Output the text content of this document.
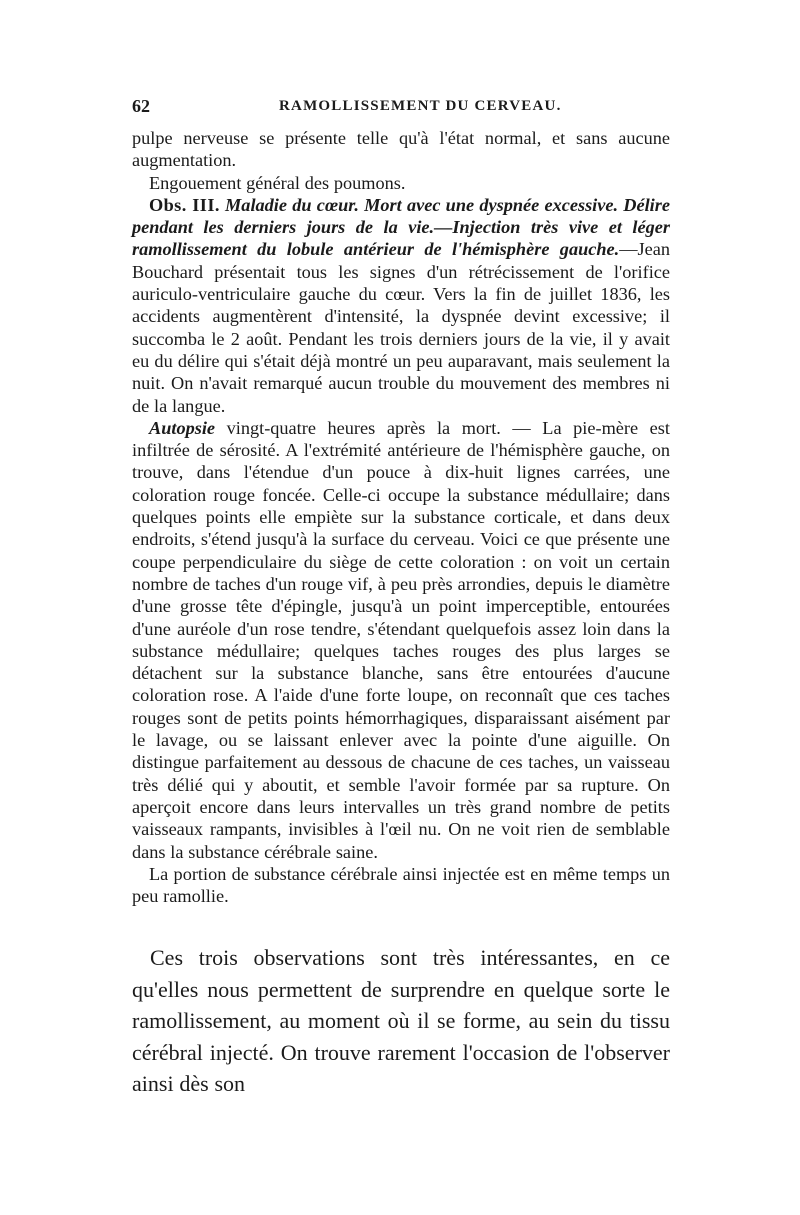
62	RAMOLLISSEMENT DU CERVEAU.

pulpe nerveuse se présente telle qu'à l'état normal, et sans aucune augmentation.

Engouement général des poumons.

Obs. III. Maladie du cœur. Mort avec une dyspnée excessive. Délire pendant les derniers jours de la vie.—Injection très vive et léger ramollissement du lobule antérieur de l'hémisphère gauche.—Jean Bouchard présentait tous les signes d'un rétrécissement de l'orifice auriculo-ventriculaire gauche du cœur. Vers la fin de juillet 1836, les accidents augmentèrent d'intensité, la dyspnée devint excessive; il succomba le 2 août. Pendant les trois derniers jours de la vie, il y avait eu du délire qui s'était déjà montré un peu auparavant, mais seulement la nuit. On n'avait remarqué aucun trouble du mouvement des membres ni de la langue.

Autopsie vingt-quatre heures après la mort. — La pie-mère est infiltrée de sérosité. A l'extrémité antérieure de l'hémisphère gauche, on trouve, dans l'étendue d'un pouce à dix-huit lignes carrées, une coloration rouge foncée. Celle-ci occupe la substance médullaire; dans quelques points elle empiète sur la substance corticale, et dans deux endroits, s'étend jusqu'à la surface du cerveau. Voici ce que présente une coupe perpendiculaire du siège de cette coloration : on voit un certain nombre de taches d'un rouge vif, à peu près arrondies, depuis le diamètre d'une grosse tête d'épingle, jusqu'à un point imperceptible, entourées d'une auréole d'un rose tendre, s'étendant quelquefois assez loin dans la substance médullaire; quelques taches rouges des plus larges se détachent sur la substance blanche, sans être entourées d'aucune coloration rose. A l'aide d'une forte loupe, on reconnaît que ces taches rouges sont de petits points hémorrhagiques, disparaissant aisément par le lavage, ou se laissant enlever avec la pointe d'une aiguille. On distingue parfaitement au dessous de chacune de ces taches, un vaisseau très délié qui y aboutit, et semble l'avoir formée par sa rupture. On aperçoit encore dans leurs intervalles un très grand nombre de petits vaisseaux rampants, invisibles à l'œil nu. On ne voit rien de semblable dans la substance cérébrale saine.

La portion de substance cérébrale ainsi injectée est en même temps un peu ramollie.

Ces trois observations sont très intéressantes, en ce qu'elles nous permettent de surprendre en quelque sorte le ramollissement, au moment où il se forme, au sein du tissu cérébral injecté. On trouve rarement l'occasion de l'observer ainsi dès son
